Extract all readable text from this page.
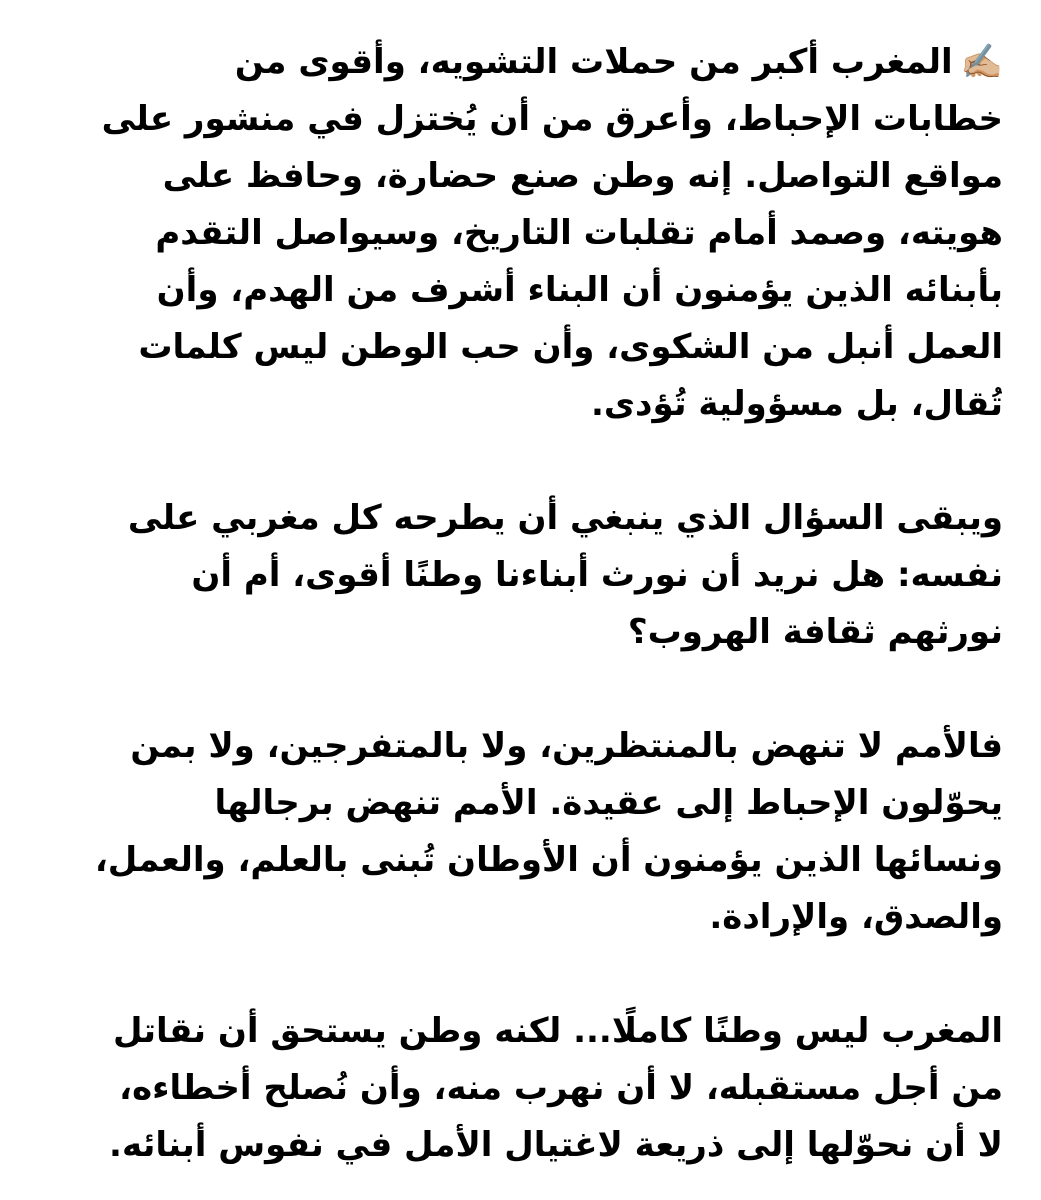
✍🏼المغرب أكبر من حملات التشويه، وأقوى من
خطابات الإحباط، وأعرق من أن يُختزل في منشور على
مواقع التواصل. إنه وطن صنع حضارة، وحافظ على
هويته، وصمد أمام تقلبات التاريخ، وسيواصل التقدم
بأبنائه الذين يؤمنون أن البناء أشرف من الهدم، وأن
العمل أنبل من الشكوى، وأن حب الوطن ليس كلمات
تُقال، بل مسؤولية تُؤدى.

ويبقى السؤال الذي ينبغي أن يطرحه كل مغربي على
نفسه: هل نريد أن نورث أبناءنا وطنًا أقوى، أم أن
نورثهم ثقافة الهروب؟

فالأمم لا تنهض بالمنتظرين، ولا بالمتفرجين، ولا بمن
يحوّلون الإحباط إلى عقيدة. الأمم تنهض برجالها
ونسائها الذين يؤمنون أن الأوطان تُبنى بالعلم، والعمل،
والصدق، والإرادة.

المغرب ليس وطنًا كاملًا... لكنه وطن يستحق أن نقاتل
من أجل مستقبله، لا أن نهرب منه، وأن نُصلح أخطاءه،
لا أن نحوّلها إلى ذريعة لاغتيال الأمل في نفوس أبنائه.
